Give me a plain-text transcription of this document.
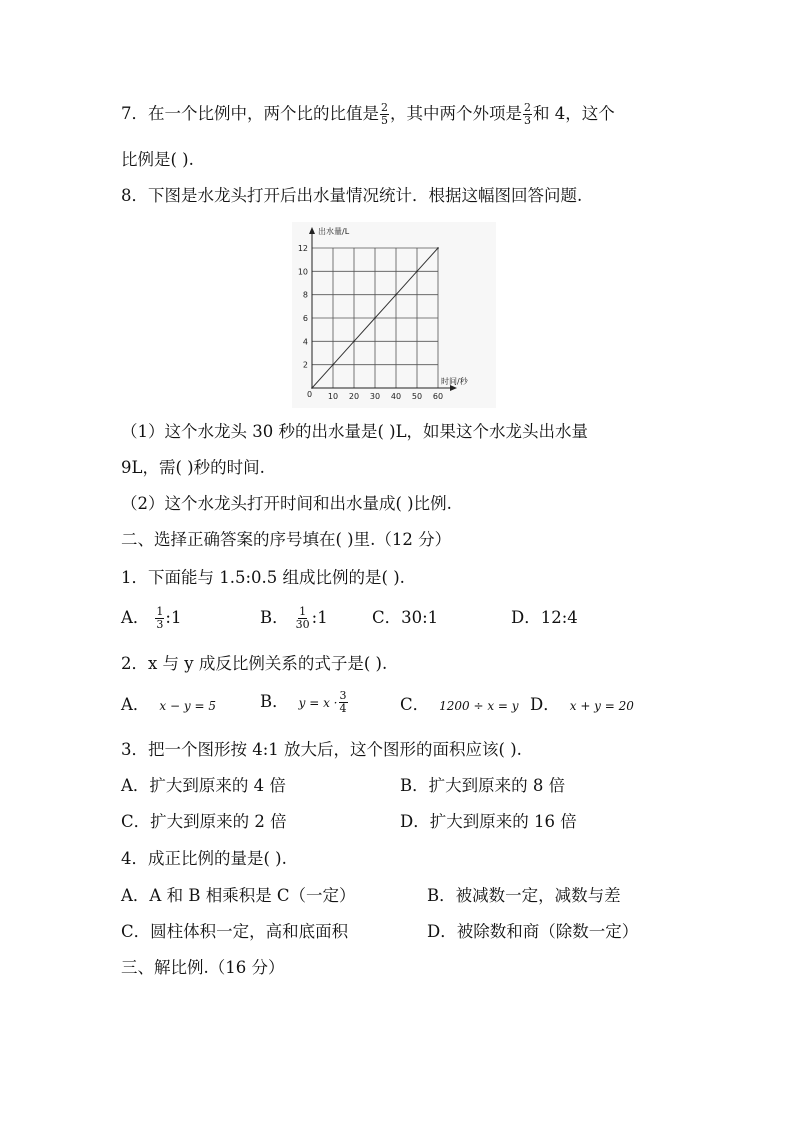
7．在一个比例中，两个比的比值是 $\frac{2}{5}$ ，其中两个外项是 $\frac{2}{3}$ 和 4，这个
比例是( ).
8．下图是水龙头打开后出水量情况统计．根据这幅图回答问题.
10 20 30 40 50 60
2
4
6
8
10
12
出水量/L
时间/秒
0
（1）这个水龙头 30 秒的出水量是( )L，如果这个水龙头出水量
9L，需( )秒的时间.
（2）这个水龙头打开时间和出水量成( )比例.
二、选择正确答案的序号填在( )里.（12 分）
1．下面能与 1.5:0.5 组成比例的是( ).
A． $\frac{1}{3}$ :1	B． $\frac{1}{30}$ :1	C．30:1	D．12:4
2．x 与 y 成反比例关系的式子是( ).
A． x − y = 5	B． $y = x \cdot \frac{3}{4}$	C． 1200 ÷ x = y D． x + y = 20
3．把一个图形按 4:1 放大后，这个图形的面积应该( ).
A．扩大到原来的 4 倍	B．扩大到原来的 8 倍
C．扩大到原来的 2 倍	D．扩大到原来的 16 倍
4．成正比例的量是( ).
A．A 和 B 相乘积是 C（一定）	B．被减数一定，减数与差
C．圆柱体积一定，高和底面积	D．被除数和商（除数一定）
三、解比例.（16 分）
